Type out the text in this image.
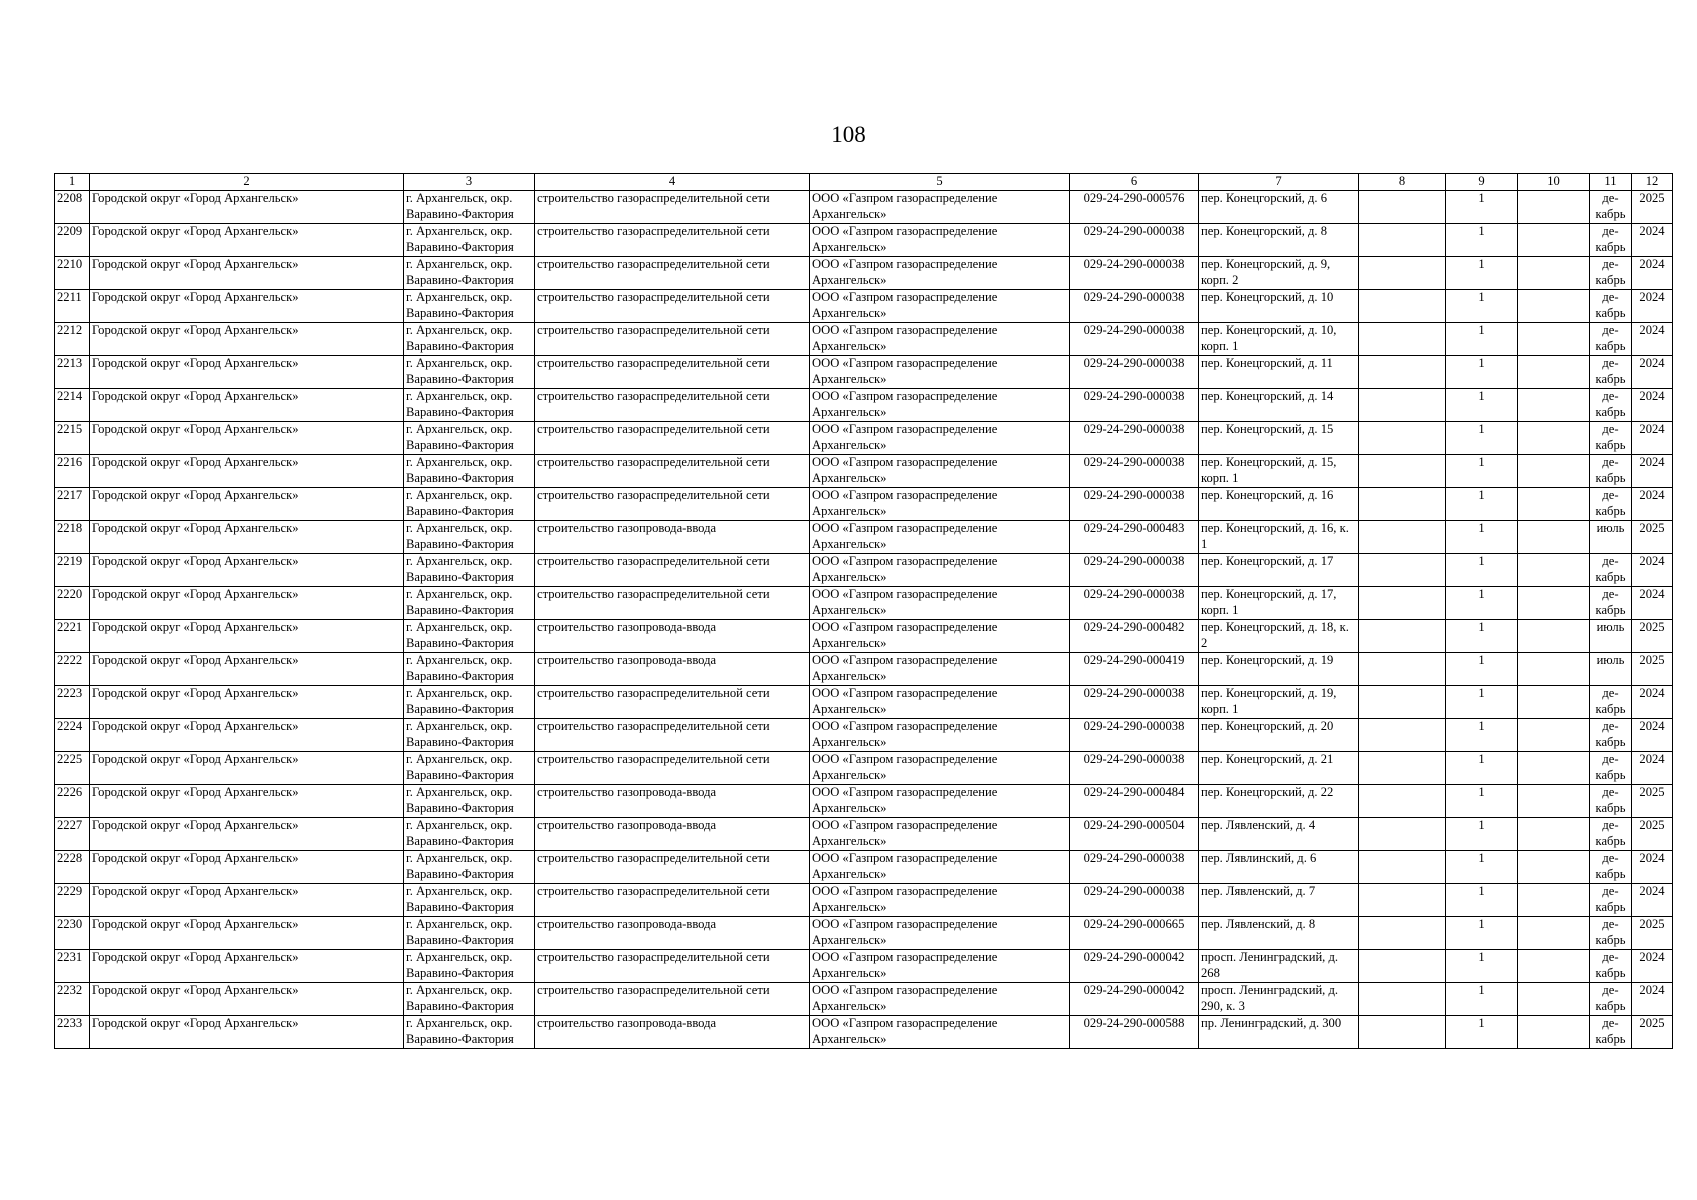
108
1	2	3	4	5	6	7	8	9	10	11	12
2208	Городской округ «Город Архангельск»	г. Архангельск, окр. Варавино-Фактория	строительство газораспределительной сети	ООО «Газпром газораспределение Архангельск»	029-24-290-000576	пер. Конецгорский, д. 6		1		де-кабрь	2025
2209	Городской округ «Город Архангельск»	г. Архангельск, окр. Варавино-Фактория	строительство газораспределительной сети	ООО «Газпром газораспределение Архангельск»	029-24-290-000038	пер. Конецгорский, д. 8		1		де-кабрь	2024
2210	Городской округ «Город Архангельск»	г. Архангельск, окр. Варавино-Фактория	строительство газораспределительной сети	ООО «Газпром газораспределение Архангельск»	029-24-290-000038	пер. Конецгорский, д. 9, корп. 2		1		де-кабрь	2024
2211	Городской округ «Город Архангельск»	г. Архангельск, окр. Варавино-Фактория	строительство газораспределительной сети	ООО «Газпром газораспределение Архангельск»	029-24-290-000038	пер. Конецгорский, д. 10		1		де-кабрь	2024
2212	Городской округ «Город Архангельск»	г. Архангельск, окр. Варавино-Фактория	строительство газораспределительной сети	ООО «Газпром газораспределение Архангельск»	029-24-290-000038	пер. Конецгорский, д. 10, корп. 1		1		де-кабрь	2024
2213	Городской округ «Город Архангельск»	г. Архангельск, окр. Варавино-Фактория	строительство газораспределительной сети	ООО «Газпром газораспределение Архангельск»	029-24-290-000038	пер. Конецгорский, д. 11		1		де-кабрь	2024
2214	Городской округ «Город Архангельск»	г. Архангельск, окр. Варавино-Фактория	строительство газораспределительной сети	ООО «Газпром газораспределение Архангельск»	029-24-290-000038	пер. Конецгорский, д. 14		1		де-кабрь	2024
2215	Городской округ «Город Архангельск»	г. Архангельск, окр. Варавино-Фактория	строительство газораспределительной сети	ООО «Газпром газораспределение Архангельск»	029-24-290-000038	пер. Конецгорский, д. 15		1		де-кабрь	2024
2216	Городской округ «Город Архангельск»	г. Архангельск, окр. Варавино-Фактория	строительство газораспределительной сети	ООО «Газпром газораспределение Архангельск»	029-24-290-000038	пер. Конецгорский, д. 15, корп. 1		1		де-кабрь	2024
2217	Городской округ «Город Архангельск»	г. Архангельск, окр. Варавино-Фактория	строительство газораспределительной сети	ООО «Газпром газораспределение Архангельск»	029-24-290-000038	пер. Конецгорский, д. 16		1		де-кабрь	2024
2218	Городской округ «Город Архангельск»	г. Архангельск, окр. Варавино-Фактория	строительство газопровода-ввода	ООО «Газпром газораспределение Архангельск»	029-24-290-000483	пер. Конецгорский, д. 16, к. 1		1		июль	2025
2219	Городской округ «Город Архангельск»	г. Архангельск, окр. Варавино-Фактория	строительство газораспределительной сети	ООО «Газпром газораспределение Архангельск»	029-24-290-000038	пер. Конецгорский, д. 17		1		де-кабрь	2024
2220	Городской округ «Город Архангельск»	г. Архангельск, окр. Варавино-Фактория	строительство газораспределительной сети	ООО «Газпром газораспределение Архангельск»	029-24-290-000038	пер. Конецгорский, д. 17, корп. 1		1		де-кабрь	2024
2221	Городской округ «Город Архангельск»	г. Архангельск, окр. Варавино-Фактория	строительство газопровода-ввода	ООО «Газпром газораспределение Архангельск»	029-24-290-000482	пер. Конецгорский, д. 18, к. 2		1		июль	2025
2222	Городской округ «Город Архангельск»	г. Архангельск, окр. Варавино-Фактория	строительство газопровода-ввода	ООО «Газпром газораспределение Архангельск»	029-24-290-000419	пер. Конецгорский, д. 19		1		июль	2025
2223	Городской округ «Город Архангельск»	г. Архангельск, окр. Варавино-Фактория	строительство газораспределительной сети	ООО «Газпром газораспределение Архангельск»	029-24-290-000038	пер. Конецгорский, д. 19, корп. 1		1		де-кабрь	2024
2224	Городской округ «Город Архангельск»	г. Архангельск, окр. Варавино-Фактория	строительство газораспределительной сети	ООО «Газпром газораспределение Архангельск»	029-24-290-000038	пер. Конецгорский, д. 20		1		де-кабрь	2024
2225	Городской округ «Город Архангельск»	г. Архангельск, окр. Варавино-Фактория	строительство газораспределительной сети	ООО «Газпром газораспределение Архангельск»	029-24-290-000038	пер. Конецгорский, д. 21		1		де-кабрь	2024
2226	Городской округ «Город Архангельск»	г. Архангельск, окр. Варавино-Фактория	строительство газопровода-ввода	ООО «Газпром газораспределение Архангельск»	029-24-290-000484	пер. Конецгорский, д. 22		1		де-кабрь	2025
2227	Городской округ «Город Архангельск»	г. Архангельск, окр. Варавино-Фактория	строительство газопровода-ввода	ООО «Газпром газораспределение Архангельск»	029-24-290-000504	пер. Лявленский, д. 4		1		де-кабрь	2025
2228	Городской округ «Город Архангельск»	г. Архангельск, окр. Варавино-Фактория	строительство газораспределительной сети	ООО «Газпром газораспределение Архангельск»	029-24-290-000038	пер. Лявлинский, д. 6		1		де-кабрь	2024
2229	Городской округ «Город Архангельск»	г. Архангельск, окр. Варавино-Фактория	строительство газораспределительной сети	ООО «Газпром газораспределение Архангельск»	029-24-290-000038	пер. Лявленский, д. 7		1		де-кабрь	2024
2230	Городской округ «Город Архангельск»	г. Архангельск, окр. Варавино-Фактория	строительство газопровода-ввода	ООО «Газпром газораспределение Архангельск»	029-24-290-000665	пер. Лявленский, д. 8		1		де-кабрь	2025
2231	Городской округ «Город Архангельск»	г. Архангельск, окр. Варавино-Фактория	строительство газораспределительной сети	ООО «Газпром газораспределение Архангельск»	029-24-290-000042	просп. Ленинградский, д. 268		1		де-кабрь	2024
2232	Городской округ «Город Архангельск»	г. Архангельск, окр. Варавино-Фактория	строительство газораспределительной сети	ООО «Газпром газораспределение Архангельск»	029-24-290-000042	просп. Ленинградский, д. 290, к. 3		1		де-кабрь	2024
2233	Городской округ «Город Архангельск»	г. Архангельск, окр. Варавино-Фактория	строительство газопровода-ввода	ООО «Газпром газораспределение Архангельск»	029-24-290-000588	пр. Ленинградский, д. 300		1		де-кабрь	2025
